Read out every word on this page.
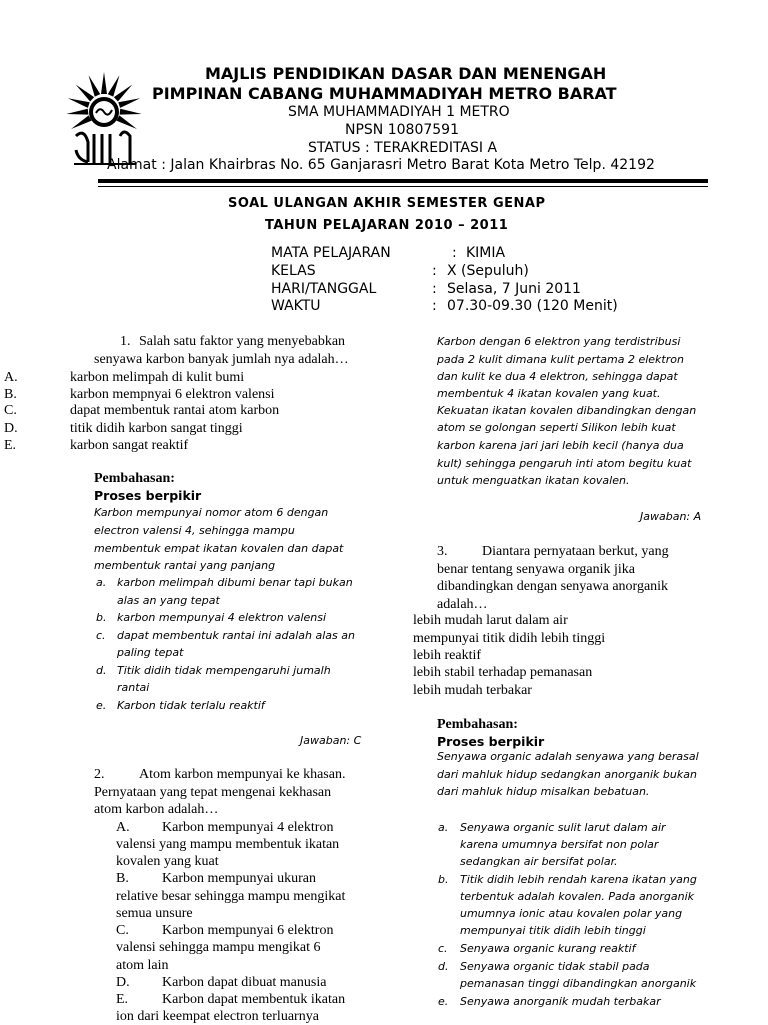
MAJLIS PENDIDIKAN DASAR DAN MENENGAH
PIMPINAN CABANG MUHAMMADIYAH METRO BARAT
SMA MUHAMMADIYAH 1 METRO
NPSN 10807591
STATUS : TERAKREDITASI A
Alamat : Jalan Khairbras No. 65 Ganjarasri Metro Barat Kota Metro Telp. 42192
SOAL ULANGAN AKHIR SEMESTER GENAP
TAHUN PELAJARAN 2010 – 2011
MATA PELAJARAN	: KIMIA
KELAS	: X (Sepuluh)
HARI/TANGGAL	: Selasa, 7 Juni 2011
WAKTU	: 07.30-09.30 (120 Menit)
1. Salah satu faktor yang menyebabkan
senyawa karbon banyak jumlah nya adalah…
A.	karbon melimpah di kulit bumi
B.	karbon mempnyai 6 elektron valensi
C.	dapat membentuk rantai atom karbon
D.	titik didih karbon sangat tinggi
E.	karbon sangat reaktif
Pembahasan:
Proses berpikir
Karbon mempunyai nomor atom 6 dengan
electron valensi 4, sehingga mampu
membentuk empat ikatan kovalen dan dapat
membentuk rantai yang panjang
a. karbon melimpah dibumi benar tapi bukan
alas an yang tepat
b. karbon mempunyai 4 elektron valensi
c. dapat membentuk rantai ini adalah alas an
paling tepat
d. Titik didih tidak mempengaruhi jumalh
rantai
e. Karbon tidak terlalu reaktif
Jawaban: C
2. Atom karbon mempunyai ke khasan.
Pernyataan yang tepat mengenai kekhasan
atom karbon adalah…
A. Karbon mempunyai 4 elektron
valensi yang mampu membentuk ikatan
kovalen yang kuat
B. Karbon mempunyai ukuran
relative besar sehingga mampu mengikat
semua unsure
C. Karbon mempunyai 6 elektron
valensi sehingga mampu mengikat 6
atom lain
D. Karbon dapat dibuat manusia
E. Karbon dapat membentuk ikatan
ion dari keempat electron terluarnya
Karbon dengan 6 elektron yang terdistribusi
pada 2 kulit dimana kulit pertama 2 elektron
dan kulit ke dua 4 elektron, sehingga dapat
membentuk 4 ikatan kovalen yang kuat.
Kekuatan ikatan kovalen dibandingkan dengan
atom se golongan seperti Silikon lebih kuat
karbon karena jari jari lebih kecil (hanya dua
kult) sehingga pengaruh inti atom begitu kuat
untuk menguatkan ikatan kovalen.
Jawaban: A
3. Diantara pernyataan berkut, yang
benar tentang senyawa organik jika
dibandingkan dengan senyawa anorganik
adalah…
lebih mudah larut dalam air
mempunyai titik didih lebih tinggi
lebih reaktif
lebih stabil terhadap pemanasan
lebih mudah terbakar
Pembahasan:
Proses berpikir
Senyawa organic adalah senyawa yang berasal
dari mahluk hidup sedangkan anorganik bukan
dari mahluk hidup misalkan bebatuan.
a. Senyawa organic sulit larut dalam air
karena umumnya bersifat non polar
sedangkan air bersifat polar.
b. Titik didih lebih rendah karena ikatan yang
terbentuk adalah kovalen. Pada anorganik
umumnya ionic atau kovalen polar yang
mempunyai titik didih lebih tinggi
c. Senyawa organic kurang reaktif
d. Senyawa organic tidak stabil pada
pemanasan tinggi dibandingkan anorganik
e. Senyawa anorganik mudah terbakar
